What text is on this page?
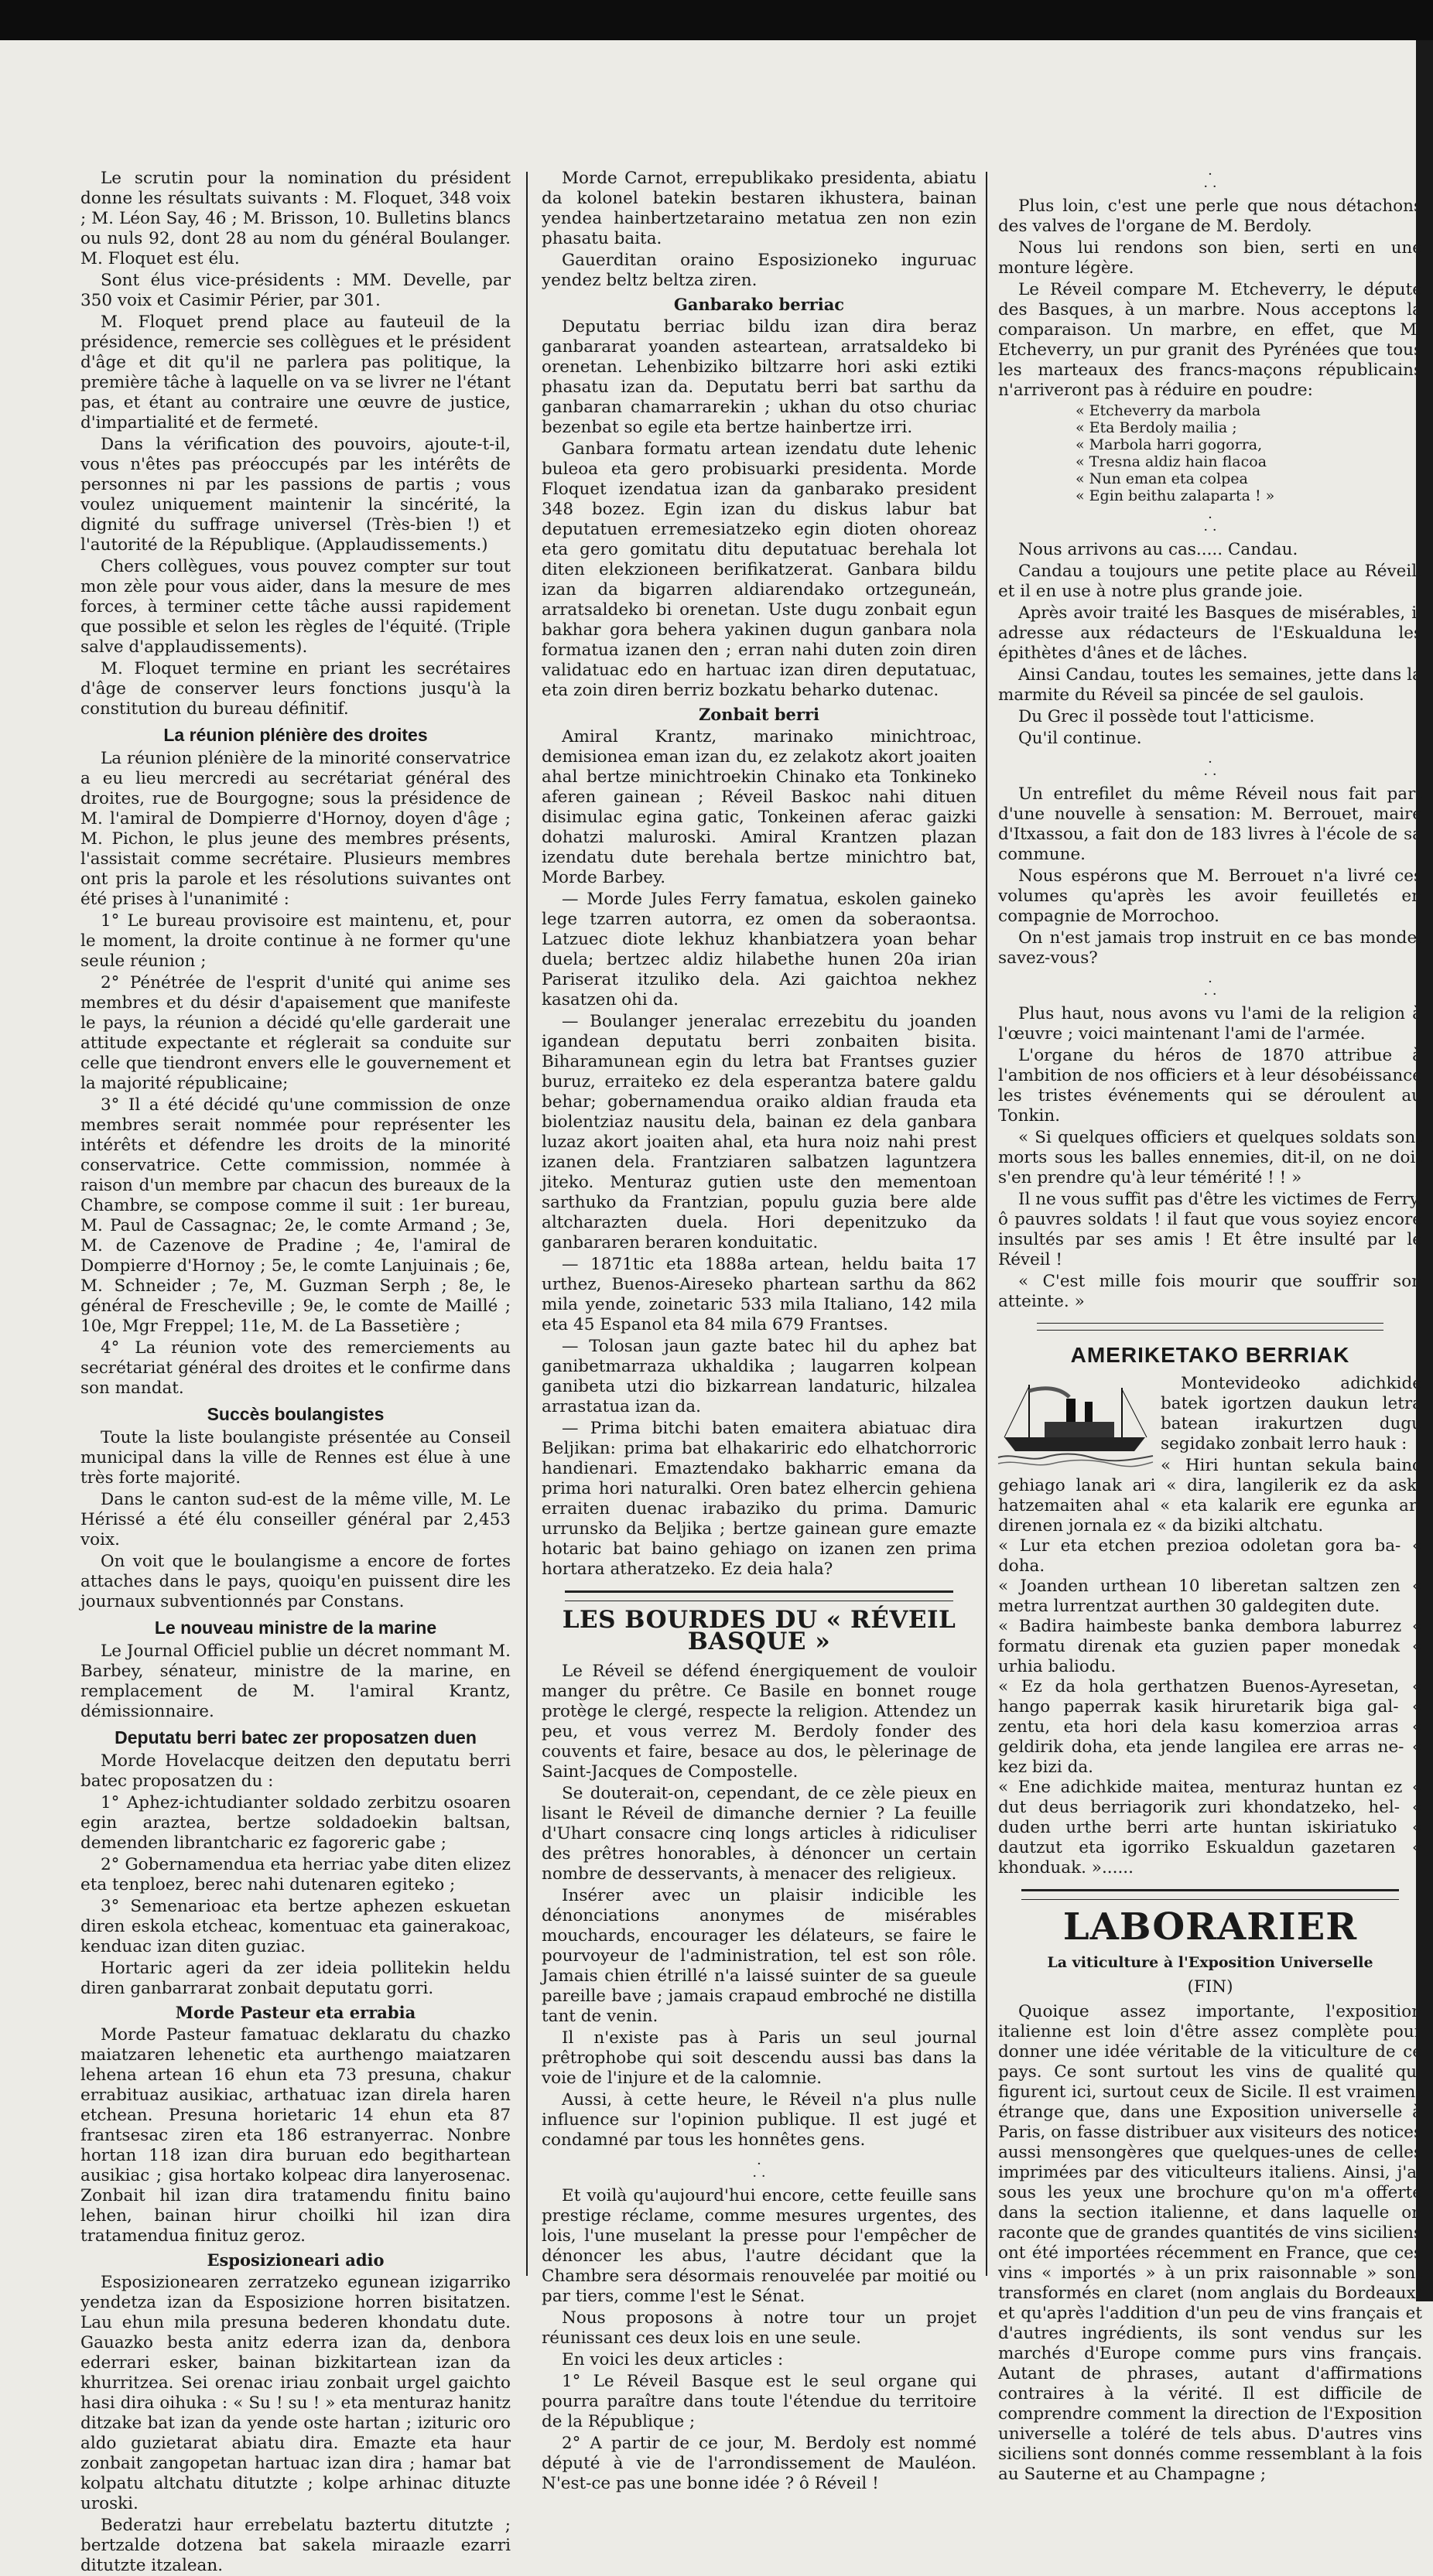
Le scrutin pour la nomination du président donne les résultats suivants : M. Floquet, 348 voix ; M. Léon Say, 46 ; M. Brisson, 10. Bulletins blancs ou nuls 92, dont 28 au nom du général Boulanger. M. Floquet est élu.

Sont élus vice-présidents : MM. Develle, par 350 voix et Casimir Périer, par 301.

M. Floquet prend place au fauteuil de la présidence, remercie ses collègues et le président d'âge et dit qu'il ne parlera pas politique, la première tâche à laquelle on va se livrer ne l'étant pas, et étant au contraire une œuvre de justice, d'impartialité et de fermeté.

Dans la vérification des pouvoirs, ajoute-t-il, vous n'êtes pas préoccupés par les intérêts de personnes ni par les passions de partis ; vous voulez uniquement maintenir la sincérité, la dignité du suffrage universel (Très-bien !) et l'autorité de la République. (Applaudissements.)

Chers collègues, vous pouvez compter sur tout mon zèle pour vous aider, dans la mesure de mes forces, à terminer cette tâche aussi rapidement que possible et selon les règles de l'équité. (Triple salve d'applaudissements).

M. Floquet termine en priant les secrétaires d'âge de conserver leurs fonctions jusqu'à la constitution du bureau définitif.

La réunion plénière des droites

La réunion plénière de la minorité conservatrice a eu lieu mercredi au secrétariat général des droites, rue de Bourgogne; sous la présidence de M. l'amiral de Dompierre d'Hornoy, doyen d'âge ; M. Pichon, le plus jeune des membres présents, l'assistait comme secrétaire. Plusieurs membres ont pris la parole et les résolutions suivantes ont été prises à l'unanimité :

1° Le bureau provisoire est maintenu, et, pour le moment, la droite continue à ne former qu'une seule réunion ;

2° Pénétrée de l'esprit d'unité qui anime ses membres et du désir d'apaisement que manifeste le pays, la réunion a décidé qu'elle garderait une attitude expectante et réglerait sa conduite sur celle que tiendront envers elle le gouvernement et la majorité républicaine;

3° Il a été décidé qu'une commission de onze membres serait nommée pour représenter les intérêts et défendre les droits de la minorité conservatrice. Cette commission, nommée à raison d'un membre par chacun des bureaux de la Chambre, se compose comme il suit : 1er bureau, M. Paul de Cassagnac; 2e, le comte Armand ; 3e, M. de Cazenove de Pradine ; 4e, l'amiral de Dompierre d'Hornoy ; 5e, le comte Lanjuinais ; 6e, M. Schneider ; 7e, M. Guzman Serph ; 8e, le général de Frescheville ; 9e, le comte de Maillé ; 10e, Mgr Freppel; 11e, M. de La Bassetière ;

4° La réunion vote des remerciements au secrétariat général des droites et le confirme dans son mandat.

Succès boulangistes

Toute la liste boulangiste présentée au Conseil municipal dans la ville de Rennes est élue à une très forte majorité.

Dans le canton sud-est de la même ville, M. Le Hérissé a été élu conseiller général par 2,453 voix.

On voit que le boulangisme a encore de fortes attaches dans le pays, quoiqu'en puissent dire les journaux subventionnés par Constans.

Le nouveau ministre de la marine

Le Journal Officiel publie un décret nommant M. Barbey, sénateur, ministre de la marine, en remplacement de M. l'amiral Krantz, démissionnaire.

Deputatu berri batec zer proposatzen duen

Morde Hovelacque deitzen den deputatu berri batec proposatzen du :

1° Aphez-ichtudianter soldado zerbitzu osoaren egin araztea, bertze soldadoekin baltsan, demenden librantcharic ez fagoreric gabe ;

2° Gobernamendua eta herriac yabe diten elizez eta tenploez, berec nahi dutenaren egiteko ;

3° Semenarioac eta bertze aphezen eskuetan diren eskola etcheac, komentuac eta gainerakoac, kenduac izan diten guziac.

Hortaric ageri da zer ideia pollitekin heldu diren ganbarrarat zonbait deputatu gorri.

Morde Pasteur eta errabia

Morde Pasteur famatuac deklaratu du chazko maiatzaren lehenetic eta aurthengo maiatzaren lehena artean 16 ehun eta 73 presuna, chakur errabituaz ausikiac, arthatuac izan direla haren etchean. Presuna horietaric 14 ehun eta 87 frantsesac ziren eta 186 estranyerrac. Nonbre hortan 118 izan dira buruan edo begithartean ausikiac ; gisa hortako kolpeac dira lanyerosenac. Zonbait hil izan dira tratamendu finitu baino lehen, bainan hirur choilki hil izan dira tratamendua finituz geroz.

Esposizioneari adio

Esposizionearen zerratzeko egunean izigarriko yendetza izan da Esposizione horren bisitatzen. Lau ehun mila presuna bederen khondatu dute. Gauazko besta anitz ederra izan da, denbora ederrari esker, bainan bizkitartean izan da khurritzea. Sei orenac iriau zonbait urgel gaichto hasi dira oihuka : « Su ! su ! » eta menturaz hanitz ditzake bat izan da yende oste hartan ; izituric oro aldo guzietarat abiatu dira. Emazte eta haur zonbait zangopetan hartuac izan dira ; hamar bat kolpatu altchatu ditutzte ; kolpe arhinac dituzte uroski.

Bederatzi haur errebelatu baztertu ditutzte ; bertzalde dotzena bat sakela miraazle ezarri ditutzte itzalean.

Morde Carnot, errepublikako presidenta, abiatu da kolonel batekin bestaren ikhustera, bainan yendea hainbertzetaraino metatua zen non ezin phasatu baita.

Gauerditan oraino Esposizioneko inguruac yendez beltz beltza ziren.

Ganbarako berriac

Deputatu berriac bildu izan dira beraz ganbararat yoanden asteartean, arratsaldeko bi orenetan. Lehenbiziko biltzarre hori aski eztiki phasatu izan da. Deputatu berri bat sarthu da ganbaran chamarrarekin ; ukhan du otso churiac bezenbat so egile eta bertze hainbertze irri.

Ganbara formatu artean izendatu dute lehenic buleoa eta gero probisuarki presidenta. Morde Floquet izendatua izan da ganbarako president 348 bozez. Egin izan du diskus labur bat deputatuen erremesiatzeko egin dioten ohoreaz eta gero gomitatu ditu deputatuac berehala lot diten elekzioneen berifikatzerat. Ganbara bildu izan da bigarren aldiarendako ortzeguneán, arratsaldeko bi orenetan. Uste dugu zonbait egun bakhar gora behera yakinen dugun ganbara nola formatua izanen den ; erran nahi duten zoin diren validatuac edo en hartuac izan diren deputatuac, eta zoin diren berriz bozkatu beharko dutenac.

Zonbait berri

Amiral Krantz, marinako minichtroac, demisionea eman izan du, ez zelakotz akort joaiten ahal bertze minichtroekin Chinako eta Tonkineko aferen gainean ; Réveil Baskoc nahi dituen disimulac egina gatic, Tonkeinen aferac gaizki dohatzi maluroski. Amiral Krantzen plazan izendatu dute berehala bertze minichtro bat, Morde Barbey.

— Morde Jules Ferry famatua, eskolen gaineko lege tzarren autorra, ez omen da soberaontsa. Latzuec diote lekhuz khanbiatzera yoan behar duela; bertzec aldiz hilabethe hunen 20a irian Pariserat itzuliko dela. Azi gaichtoa nekhez kasatzen ohi da.

— Boulanger jeneralac errezebitu du joanden igandean deputatu berri zonbaiten bisita. Biharamunean egin du letra bat Frantses guzier buruz, erraiteko ez dela esperantza batere galdu behar; gobernamendua oraiko aldian frauda eta biolentziaz nausitu dela, bainan ez dela ganbara luzaz akort joaiten ahal, eta hura noiz nahi prest izanen dela. Frantziaren salbatzen laguntzera jiteko. Menturaz gutien uste den mementoan sarthuko da Frantzian, populu guzia bere alde altcharazten duela. Hori depenitzuko da ganbararen beraren konduitatic.

— 1871tic eta 1888a artean, heldu baita 17 urthez, Buenos-Aireseko phartean sarthu da 862 mila yende, zoinetaric 533 mila Italiano, 142 mila eta 45 Espanol eta 84 mila 679 Frantses.

— Tolosan jaun gazte batec hil du aphez bat ganibetmarraza ukhaldika ; laugarren kolpean ganibeta utzi dio bizkarrean landaturic, hilzalea arrastatua izan da.

— Prima bitchi baten emaitera abiatuac dira Beljikan: prima bat elhakariric edo elhatchorroric handienari. Emaztendako bakharric emana da prima hori naturalki. Oren batez elhercin gehiena erraiten duenac irabaziko du prima. Damuric urrunsko da Beljika ; bertze gainean gure emazte hotaric bat baino gehiago on izanen zen prima hortara atheratzeko. Ez deia hala?

LES BOURDES DU « RÉVEIL BASQUE »

Le Réveil se défend énergiquement de vouloir manger du prêtre. Ce Basile en bonnet rouge protège le clergé, respecte la religion. Attendez un peu, et vous verrez M. Berdoly fonder des couvents et faire, besace au dos, le pèlerinage de Saint-Jacques de Compostelle.

Se douterait-on, cependant, de ce zèle pieux en lisant le Réveil de dimanche dernier ? La feuille d'Uhart consacre cinq longs articles à ridiculiser des prêtres honorables, à dénoncer un certain nombre de desservants, à menacer des religieux.

Insérer avec un plaisir indicible les dénonciations anonymes de misérables mouchards, encourager les délateurs, se faire le pourvoyeur de l'administration, tel est son rôle. Jamais chien étrillé n'a laissé suinter de sa gueule pareille bave ; jamais crapaud embroché ne distilla tant de venin.

Il n'existe pas à Paris un seul journal prêtrophobe qui soit descendu aussi bas dans la voie de l'injure et de la calomnie.

Aussi, à cette heure, le Réveil n'a plus nulle influence sur l'opinion publique. Il est jugé et condamné par tous les honnêtes gens.

·
· ·

Et voilà qu'aujourd'hui encore, cette feuille sans prestige réclame, comme mesures urgentes, des lois, l'une muselant la presse pour l'empêcher de dénoncer les abus, l'autre décidant que la Chambre sera désormais renouvelée par moitié ou par tiers, comme l'est le Sénat.

Nous proposons à notre tour un projet réunissant ces deux lois en une seule.

En voici les deux articles :

1° Le Réveil Basque est le seul organe qui pourra paraître dans toute l'étendue du territoire de la République ;

2° A partir de ce jour, M. Berdoly est nommé député à vie de l'arrondissement de Mauléon. N'est-ce pas une bonne idée ? ô Réveil !

·
· ·

Plus loin, c'est une perle que nous détachons des valves de l'organe de M. Berdoly.

Nous lui rendons son bien, serti en une monture légère.

Le Réveil compare M. Etcheverry, le député des Basques, à un marbre. Nous acceptons la comparaison. Un marbre, en effet, que M. Etcheverry, un pur granit des Pyrénées que tous les marteaux des francs-maçons républicains n'arriveront pas à réduire en poudre:

« Etcheverry da marbola
« Eta Berdoly mailia ;
« Marbola harri gogorra,
« Tresna aldiz hain flacoa
« Nun eman eta colpea
« Egin beithu zalaparta ! »
·
· ·

Nous arrivons au cas..... Candau.

Candau a toujours une petite place au Réveil, et il en use à notre plus grande joie.

Après avoir traité les Basques de misérables, il adresse aux rédacteurs de l'Eskualduna les épithètes d'ânes et de lâches.

Ainsi Candau, toutes les semaines, jette dans la marmite du Réveil sa pincée de sel gaulois.

Du Grec il possède tout l'atticisme.

Qu'il continue.

·
· ·

Un entrefilet du même Réveil nous fait part d'une nouvelle à sensation: M. Berrouet, maire d'Itxassou, a fait don de 183 livres à l'école de sa commune.

Nous espérons que M. Berrouet n'a livré ces volumes qu'après les avoir feuilletés en compagnie de Morrochoo.

On n'est jamais trop instruit en ce bas monde, savez-vous?

·
· ·

Plus haut, nous avons vu l'ami de la religion à l'œuvre ; voici maintenant l'ami de l'armée.

L'organe du héros de 1870 attribue à l'ambition de nos officiers et à leur désobéissance les tristes événements qui se déroulent au Tonkin.

« Si quelques officiers et quelques soldats sont morts sous les balles ennemies, dit-il, on ne doit s'en prendre qu'à leur témérité ! ! »

Il ne vous suffit pas d'être les victimes de Ferry, ô pauvres soldats ! il faut que vous soyiez encore insultés par ses amis ! Et être insulté par le Réveil !

« C'est mille fois mourir que souffrir son atteinte. »

AMERIKETAKO BERRIAK

Montevideoko adichkide batek igortzen daukun letra batean irakurtzen dugu segidako zonbait lerro hauk :

« Hiri huntan sekula baino gehiago lanak ari « dira, langilerik ez da aski hatzemaiten ahal « eta kalarik ere egunka ari direnen jornala ez « da biziki altchatu.

« Lur eta etchen prezioa odoletan gora ba- « doha.

« Joanden urthean 10 liberetan saltzen zen « metra lurrentzat aurthen 30 galdegiten dute.

« Badira haimbeste banka dembora laburrez « formatu direnak eta guzien paper monedak « urhia baliodu.

« Ez da hola gerthatzen Buenos-Ayresetan, « hango paperrak kasik hiruretarik biga gal- « zentu, eta hori dela kasu komerzioa arras « geldirik doha, eta jende langilea ere arras ne- « kez bizi da.

« Ene adichkide maitea, menturaz huntan ez « dut deus berriagorik zuri khondatzeko, hel- « duden urthe berri arte huntan iskiriatuko « dautzut eta igorriko Eskualdun gazetaren « khonduak. »......

LABORARIER
La viticulture à l'Exposition Universelle
(FIN)

Quoique assez importante, l'exposition italienne est loin d'être assez complète pour donner une idée véritable de la viticulture de ce pays. Ce sont surtout les vins de qualité qui figurent ici, surtout ceux de Sicile. Il est vraiment étrange que, dans une Exposition universelle à Paris, on fasse distribuer aux visiteurs des notices aussi mensongères que quelques-unes de celles imprimées par des viticulteurs italiens. Ainsi, j'ai sous les yeux une brochure qu'on m'a offerte dans la section italienne, et dans laquelle on raconte que de grandes quantités de vins siciliens ont été importées récemment en France, que ces vins « importés » à un prix raisonnable » sont transformés en claret (nom anglais du Bordeaux) et qu'après l'addition d'un peu de vins français et d'autres ingrédients, ils sont vendus sur les marchés d'Europe comme purs vins français. Autant de phrases, autant d'affirmations contraires à la vérité. Il est difficile de comprendre comment la direction de l'Exposition universelle a toléré de tels abus. D'autres vins siciliens sont donnés comme ressemblant à la fois au Sauterne et au Champagne ;
